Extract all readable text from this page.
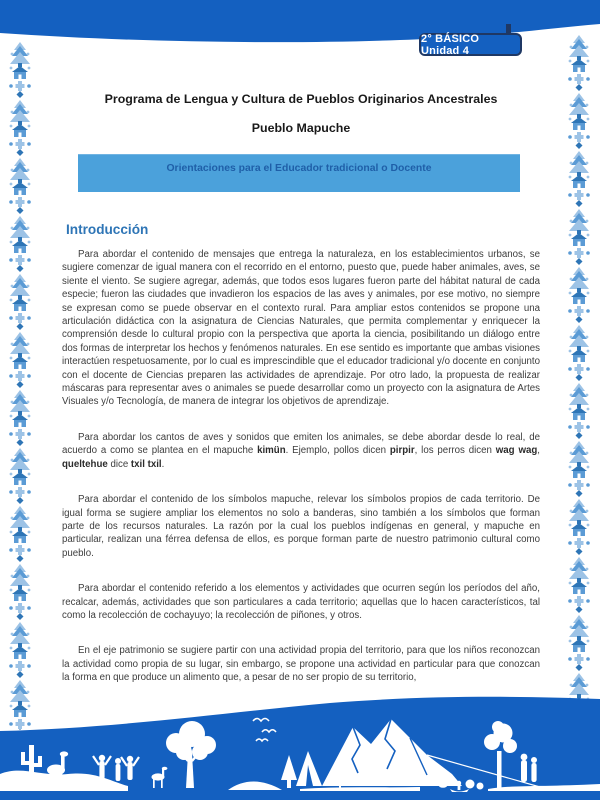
2° BÁSICO Unidad 4
Programa de Lengua y Cultura de Pueblos Originarios Ancestrales
Pueblo Mapuche
Orientaciones para el Educador tradicional o Docente
Introducción

Para abordar el contenido de mensajes que entrega la naturaleza, en los establecimientos urbanos, se sugiere comenzar de igual manera con el recorrido en el entorno, puesto que, puede haber animales, aves, se siente el viento. Se sugiere agregar, además, que todos esos lugares fueron parte del hábitat natural de cada especie; fueron las ciudades que invadieron los espacios de las aves y animales, por ese motivo, no siempre se expresan como se puede observar en el contexto rural. Para ampliar estos contenidos se propone una articulación didáctica con la asignatura de Ciencias Naturales, que permita complementar y enriquecer la comprensión desde lo cultural propio con la perspectiva que aporta la ciencia, posibilitando un diálogo entre dos formas de interpretar los hechos y fenómenos naturales. En ese sentido es importante que ambas visiones interactúen respetuosamente, por lo cual es imprescindible que el educador tradicional y/o docente en conjunto con el docente de Ciencias preparen las actividades de aprendizaje. Por otro lado, la propuesta de realizar máscaras para representar aves o animales se puede desarrollar como un proyecto con la asignatura de Artes Visuales y/o Tecnología, de manera de integrar los objetivos de aprendizaje.

Para abordar los cantos de aves y sonidos que emiten los animales, se debe abordar desde lo real, de acuerdo a como se plantea en el mapuche kimün. Ejemplo, pollos dicen pirpir, los perros dicen wag wag, queltehue dice txil txil.

Para abordar el contenido de los símbolos mapuche, relevar los símbolos propios de cada territorio. De igual forma se sugiere ampliar los elementos no solo a banderas, sino también a los símbolos que forman parte de los recursos naturales. La razón por la cual los pueblos indígenas en general, y mapuche en particular, realizan una férrea defensa de ellos, es porque forman parte de nuestro patrimonio cultural como pueblo.

Para abordar el contenido referido a los elementos y actividades que ocurren según los períodos del año, recalcar, además, actividades que son particulares a cada territorio; aquellas que lo hacen característicos, tal como la recolección de cochayuyo; la recolección de piñones, y otros.

En el eje patrimonio se sugiere partir con una actividad propia del territorio, para que los niños reconozcan la actividad como propia de su lugar, sin embargo, se propone una actividad en particular para que conozcan la forma en que produce un alimento que, a pesar de no ser propio de su territorio,
